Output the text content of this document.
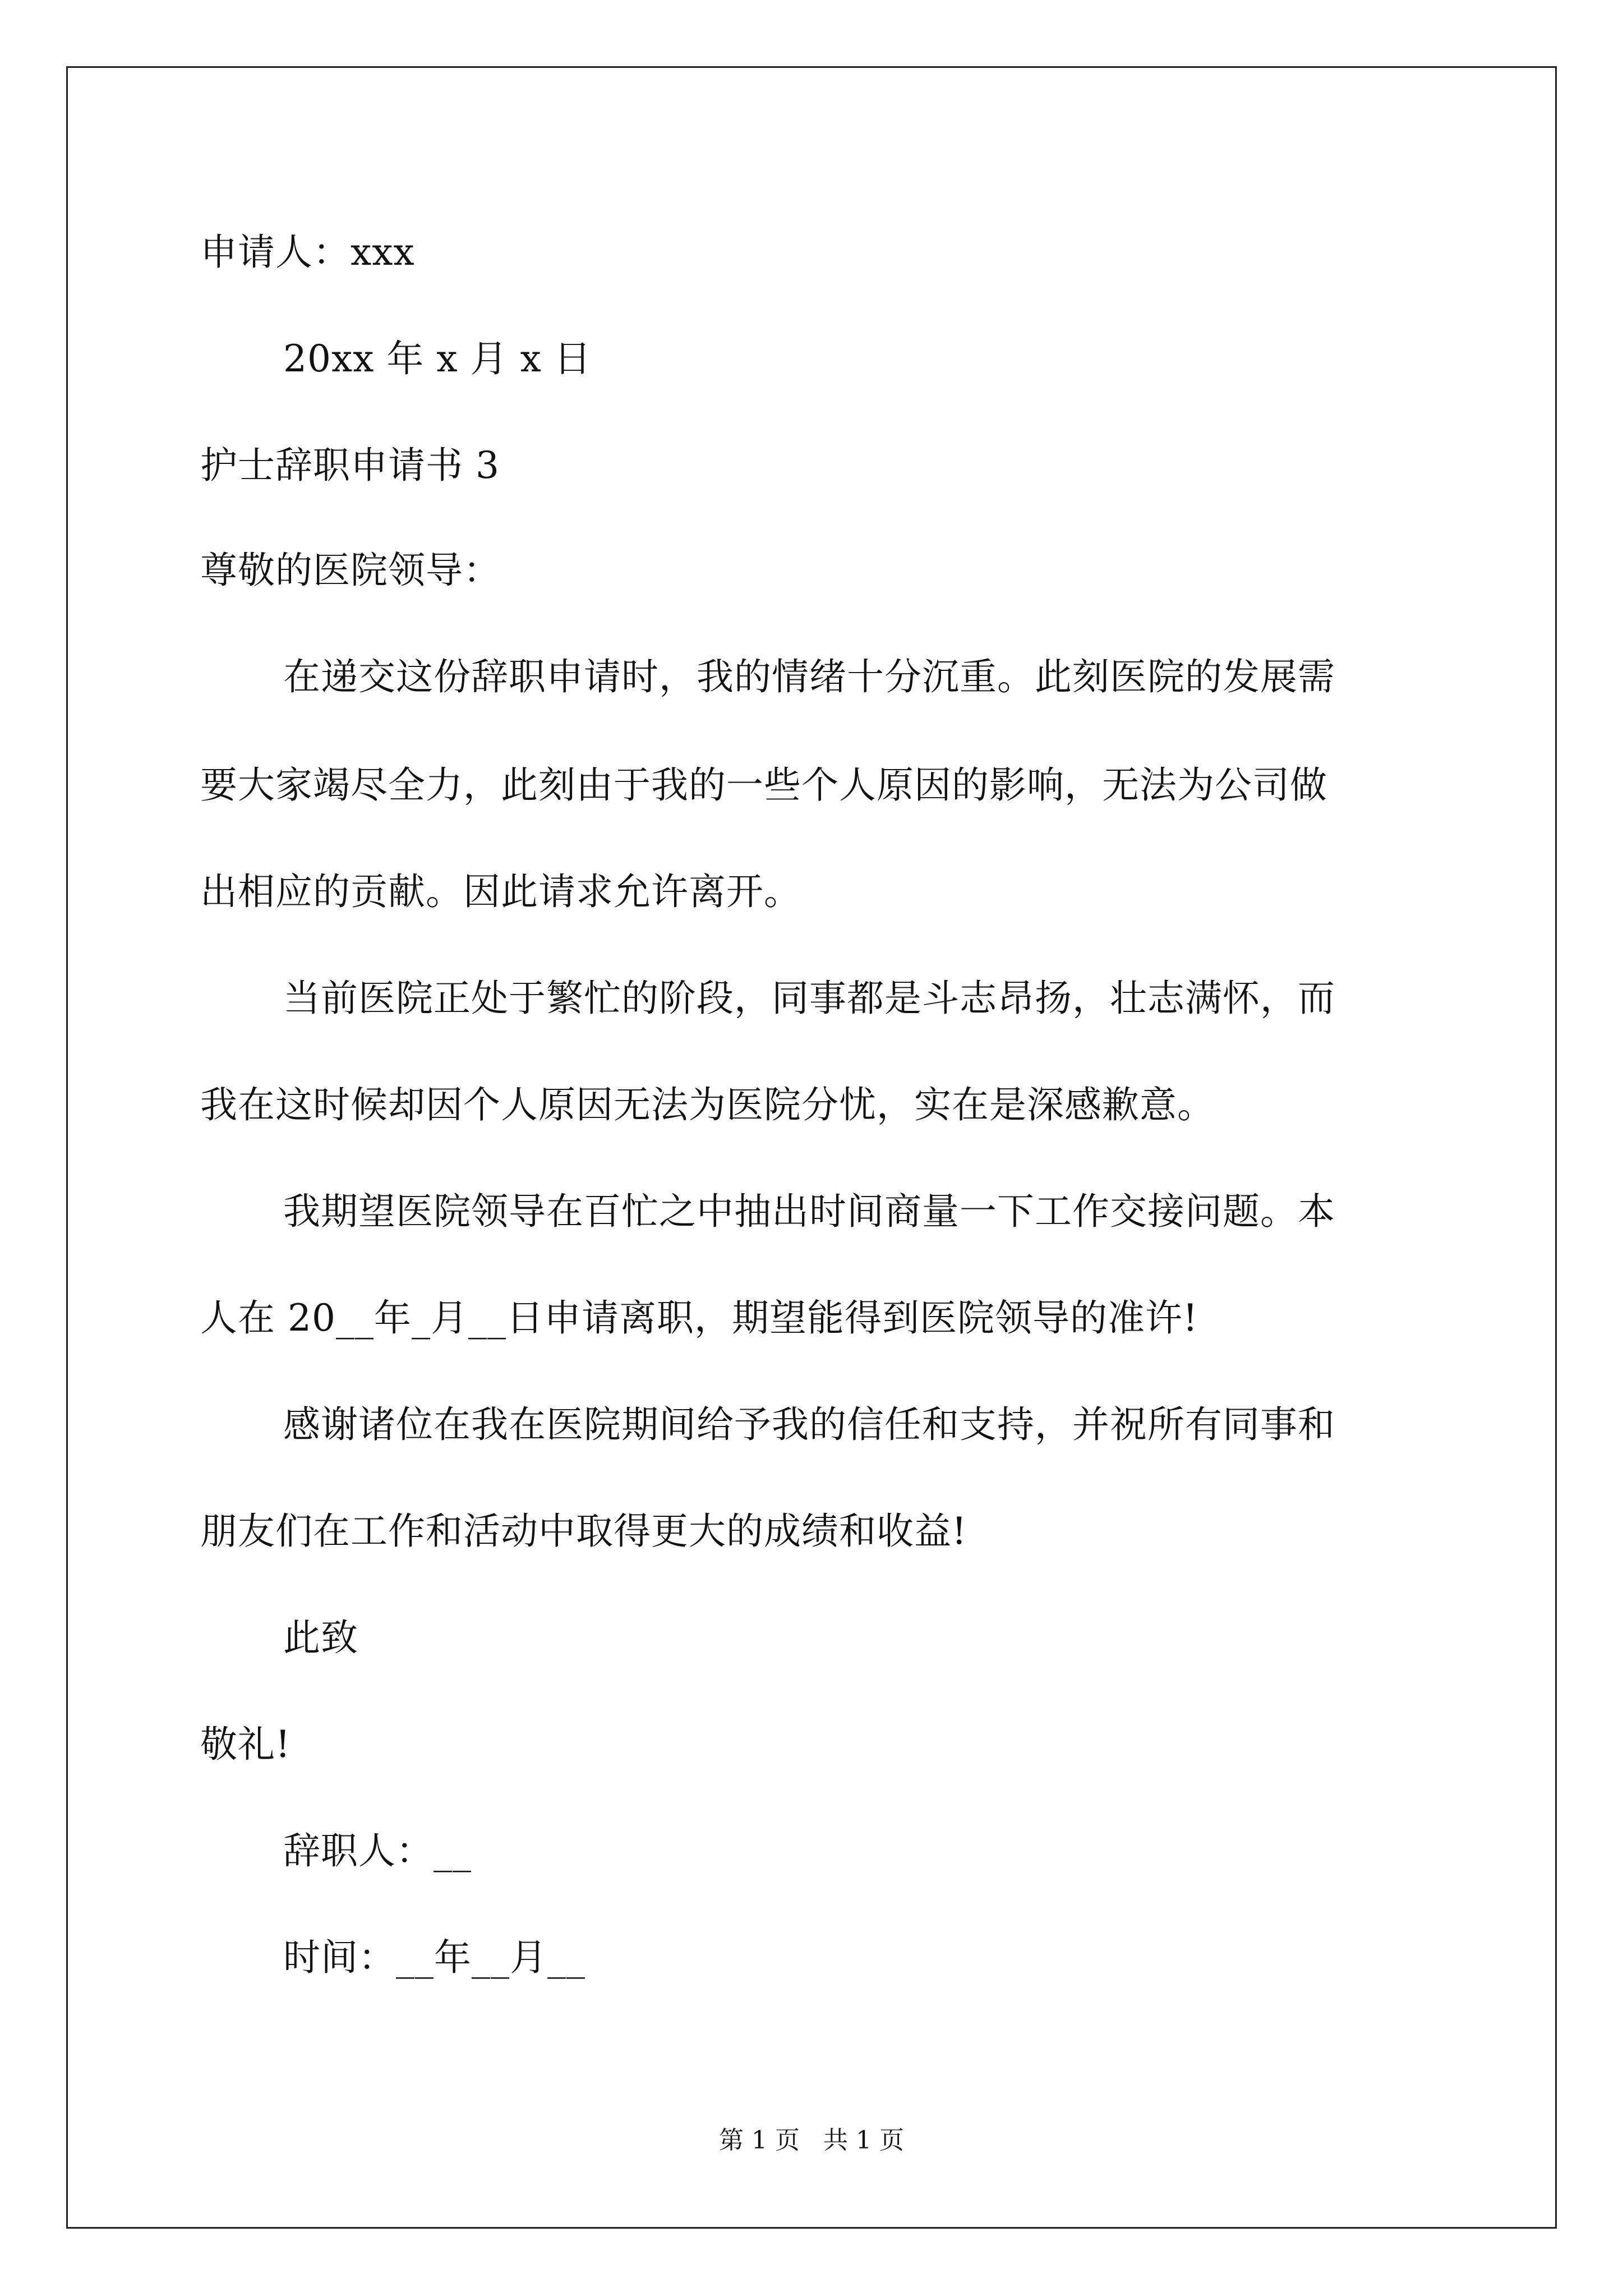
申请人：xxx
20xx 年 x 月 x 日
护士辞职申请书 3
尊敬的医院领导：
在递交这份辞职申请时，我的情绪十分沉重。此刻医院的发展需
要大家竭尽全力，此刻由于我的一些个人原因的影响，无法为公司做
出相应的贡献。因此请求允许离开。
当前医院正处于繁忙的阶段，同事都是斗志昂扬，壮志满怀，而
我在这时候却因个人原因无法为医院分忧，实在是深感歉意。
我期望医院领导在百忙之中抽出时间商量一下工作交接问题。本
人在 20__年_月__日申请离职，期望能得到医院领导的准许!
感谢诸位在我在医院期间给予我的信任和支持，并祝所有同事和
朋友们在工作和活动中取得更大的成绩和收益!
此致
敬礼!
辞职人：__
时间：__年__月__
第 1 页   共 1 页
